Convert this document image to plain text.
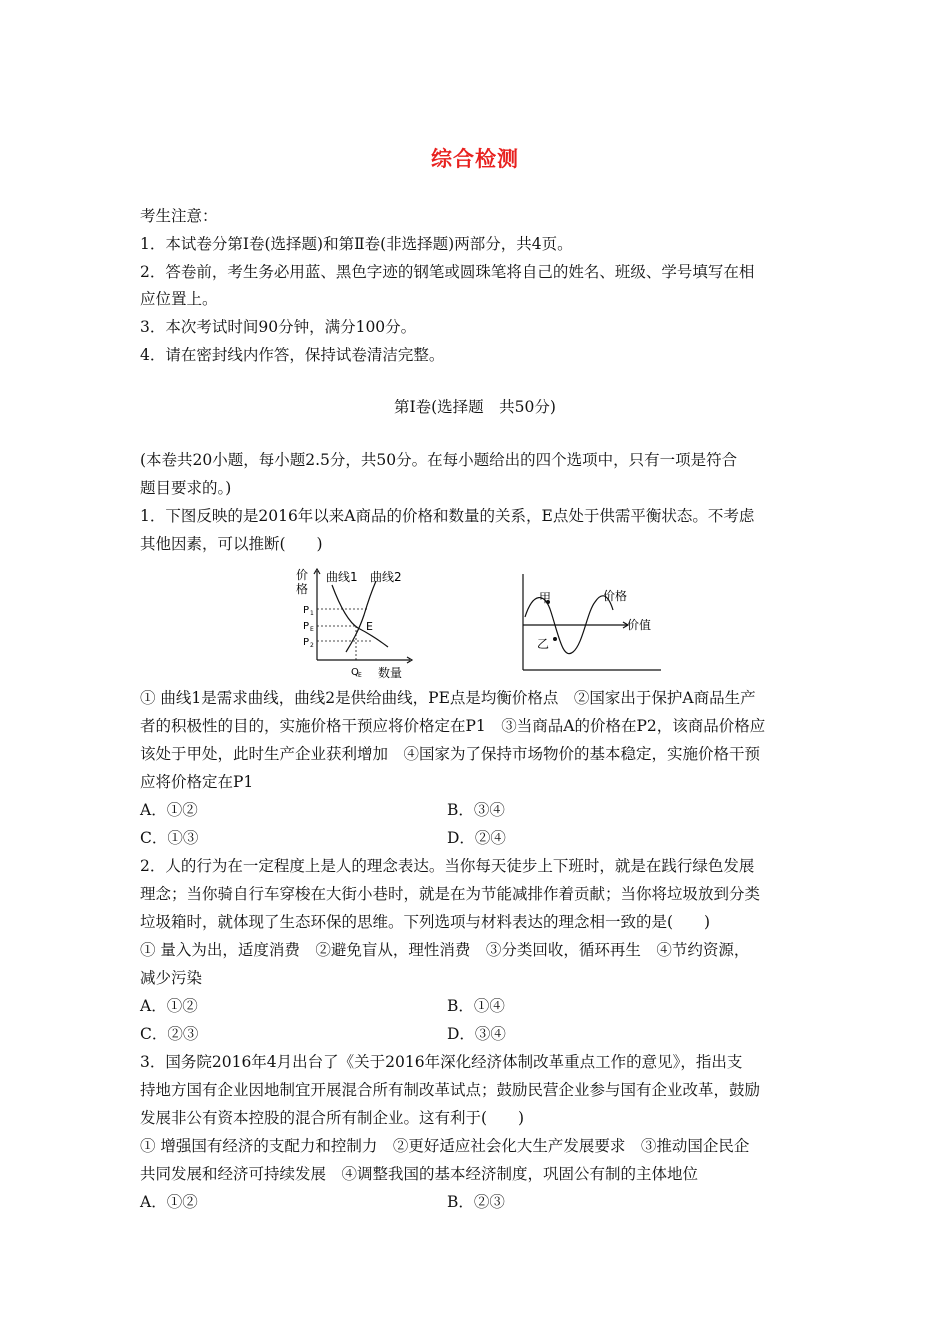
综合检测
考生注意：
1．本试卷分第Ⅰ卷(选择题)和第Ⅱ卷(非选择题)两部分，共4页。
2．答卷前，考生务必用蓝、黑色字迹的钢笔或圆珠笔将自己的姓名、班级、学号填写在相
应位置上。
3．本次考试时间90分钟，满分100分。
4．请在密封线内作答，保持试卷清洁完整。
第Ⅰ卷(选择题　共50分)
(本卷共20小题，每小题2.5分，共50分。在每小题给出的四个选项中，只有一项是符合
题目要求的。)
1．下图反映的是2016年以来A商品的价格和数量的关系，E点处于供需平衡状态。不考虑
其他因素，可以推断(　　)
价
格
曲线1 曲线2
P 1
P E
P 2
E
Q E 数量
甲
乙
价格
价值
① 曲线1是需求曲线，曲线2是供给曲线，PE点是均衡价格点　②国家出于保护A商品生产
者的积极性的目的，实施价格干预应将价格定在P1　③当商品A的价格在P2，该商品价格应
该处于甲处，此时生产企业获利增加　④国家为了保持市场物价的基本稳定，实施价格干预
应将价格定在P1
A．①②	B．③④
C．①③	D．②④
2．人的行为在一定程度上是人的理念表达。当你每天徒步上下班时，就是在践行绿色发展
理念；当你骑自行车穿梭在大街小巷时，就是在为节能减排作着贡献；当你将垃圾放到分类
垃圾箱时，就体现了生态环保的思维。下列选项与材料表达的理念相一致的是(　　)
① 量入为出，适度消费　②避免盲从，理性消费　③分类回收，循环再生　④节约资源，
减少污染
A．①②	B．①④
C．②③	D．③④
3．国务院2016年4月出台了《关于2016年深化经济体制改革重点工作的意见》，指出支
持地方国有企业因地制宜开展混合所有制改革试点；鼓励民营企业参与国有企业改革，鼓励
发展非公有资本控股的混合所有制企业。这有利于(　　)
① 增强国有经济的支配力和控制力　②更好适应社会化大生产发展要求　③推动国企民企
共同发展和经济可持续发展　④调整我国的基本经济制度，巩固公有制的主体地位
A．①②	B．②③
